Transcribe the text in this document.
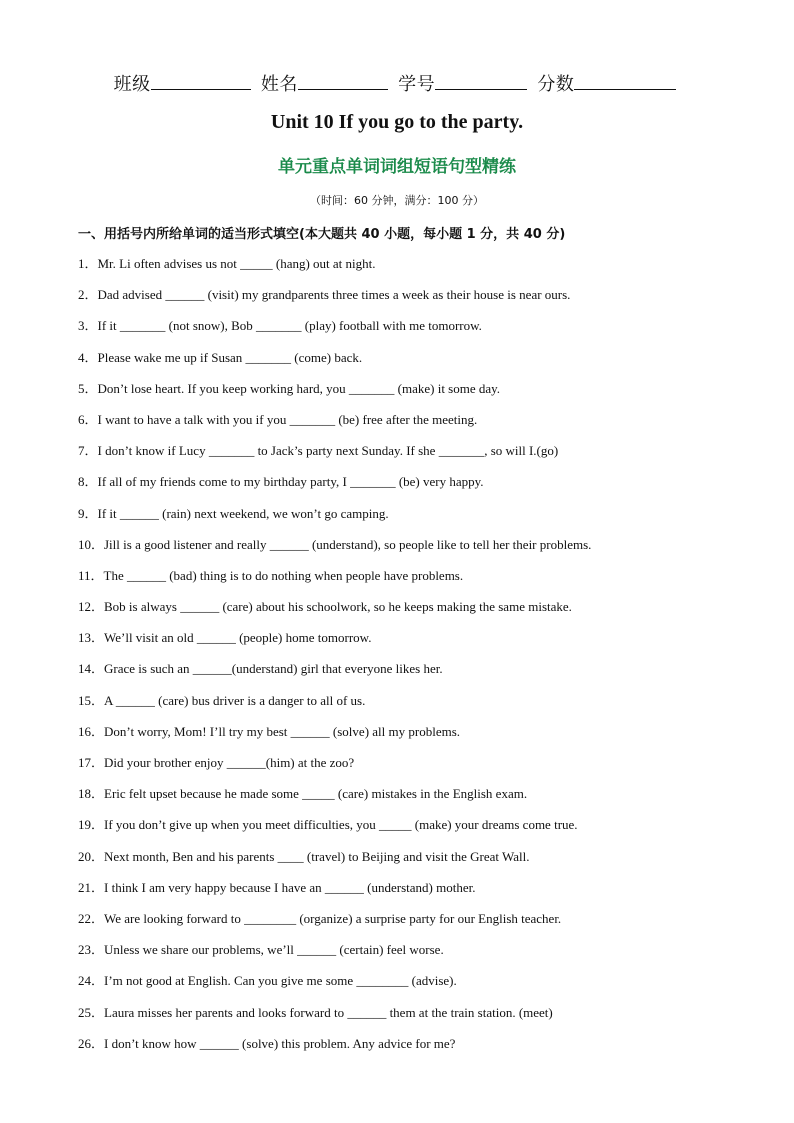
班级	姓名	学号	分数
Unit 10 If you go to the party.
单元重点单词词组短语句型精练
（时间：60 分钟，满分：100 分）
一、用括号内所给单词的适当形式填空(本大题共 40 小题，每小题 1 分，共 40 分)
1．Mr. Li often advises us not _____ (hang) out at night.
2．Dad advised ______ (visit) my grandparents three times a week as their house is near ours.
3．If it _______ (not snow), Bob _______ (play) football with me tomorrow.
4．Please wake me up if Susan _______ (come) back.
5．Don’t lose heart. If you keep working hard, you _______ (make) it some day.
6．I want to have a talk with you if you _______ (be) free after the meeting.
7．I don’t know if Lucy _______ to Jack’s party next Sunday. If she _______, so will I.(go)
8．If all of my friends come to my birthday party, I _______ (be) very happy.
9．If it ______ (rain) next weekend, we won’t go camping.
10．Jill is a good listener and really ______ (understand), so people like to tell her their problems.
11．The ______ (bad) thing is to do nothing when people have problems.
12．Bob is always ______ (care) about his schoolwork, so he keeps making the same mistake.
13．We’ll visit an old ______ (people) home tomorrow.
14．Grace is such an ______(understand) girl that everyone likes her.
15．A ______ (care) bus driver is a danger to all of us.
16．Don’t worry, Mom! I’ll try my best ______ (solve) all my problems.
17．Did your brother enjoy ______(him) at the zoo?
18．Eric felt upset because he made some _____ (care) mistakes in the English exam.
19．If you don’t give up when you meet difficulties, you _____ (make) your dreams come true.
20．Next month, Ben and his parents ____ (travel) to Beijing and visit the Great Wall.
21．I think I am very happy because I have an ______ (understand) mother.
22．We are looking forward to ________ (organize) a surprise party for our English teacher.
23．Unless we share our problems, we’ll ______ (certain) feel worse.
24．I’m not good at English. Can you give me some ________ (advise).
25．Laura misses her parents and looks forward to ______ them at the train station. (meet)
26．I don’t know how ______ (solve) this problem. Any advice for me?
